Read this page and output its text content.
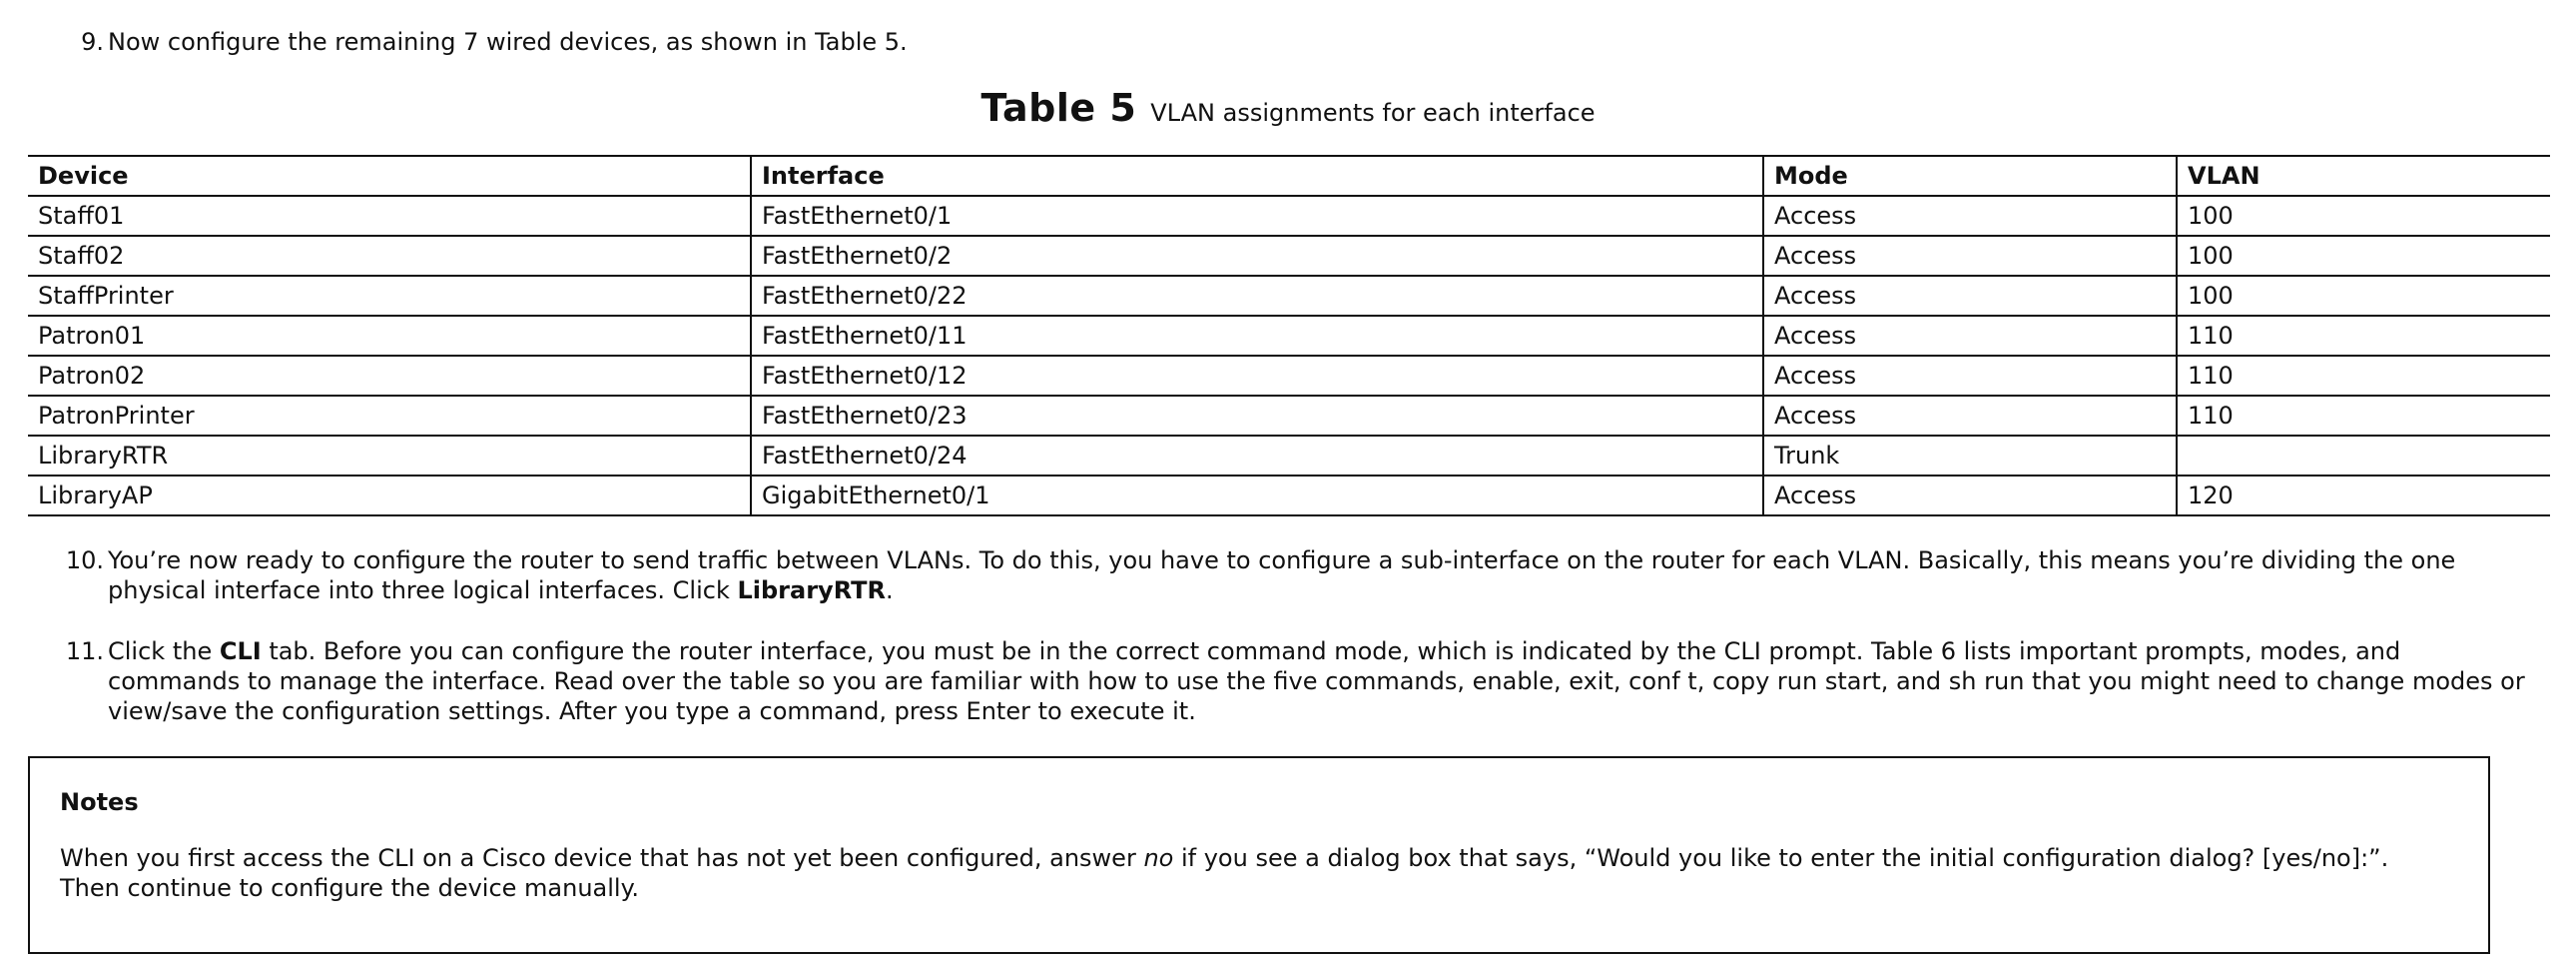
9. Now configure the remaining 7 wired devices, as shown in Table 5.
Table 5 VLAN assignments for each interface
Device	Interface	Mode	VLAN
Staff01	FastEthernet0/1	Access	100
Staff02	FastEthernet0/2	Access	100
StaffPrinter	FastEthernet0/22	Access	100
Patron01	FastEthernet0/11	Access	110
Patron02	FastEthernet0/12	Access	110
PatronPrinter	FastEthernet0/23	Access	110
LibraryRTR	FastEthernet0/24	Trunk	
LibraryAP	GigabitEthernet0/1	Access	120
10. You’re now ready to configure the router to send traffic between VLANs. To do this, you have to configure a sub-interface on the router for each VLAN. Basically, this means you’re dividing the one
physical interface into three logical interfaces. Click LibraryRTR.
11. Click the CLI tab. Before you can configure the router interface, you must be in the correct command mode, which is indicated by the CLI prompt. Table 6 lists important prompts, modes, and
commands to manage the interface. Read over the table so you are familiar with how to use the five commands, enable, exit, conf t, copy run start, and sh run that you might need to change modes or
view/save the configuration settings. After you type a command, press Enter to execute it.
Notes
When you first access the CLI on a Cisco device that has not yet been configured, answer no if you see a dialog box that says, “Would you like to enter the initial configuration dialog? [yes/no]:”.
Then continue to configure the device manually.
